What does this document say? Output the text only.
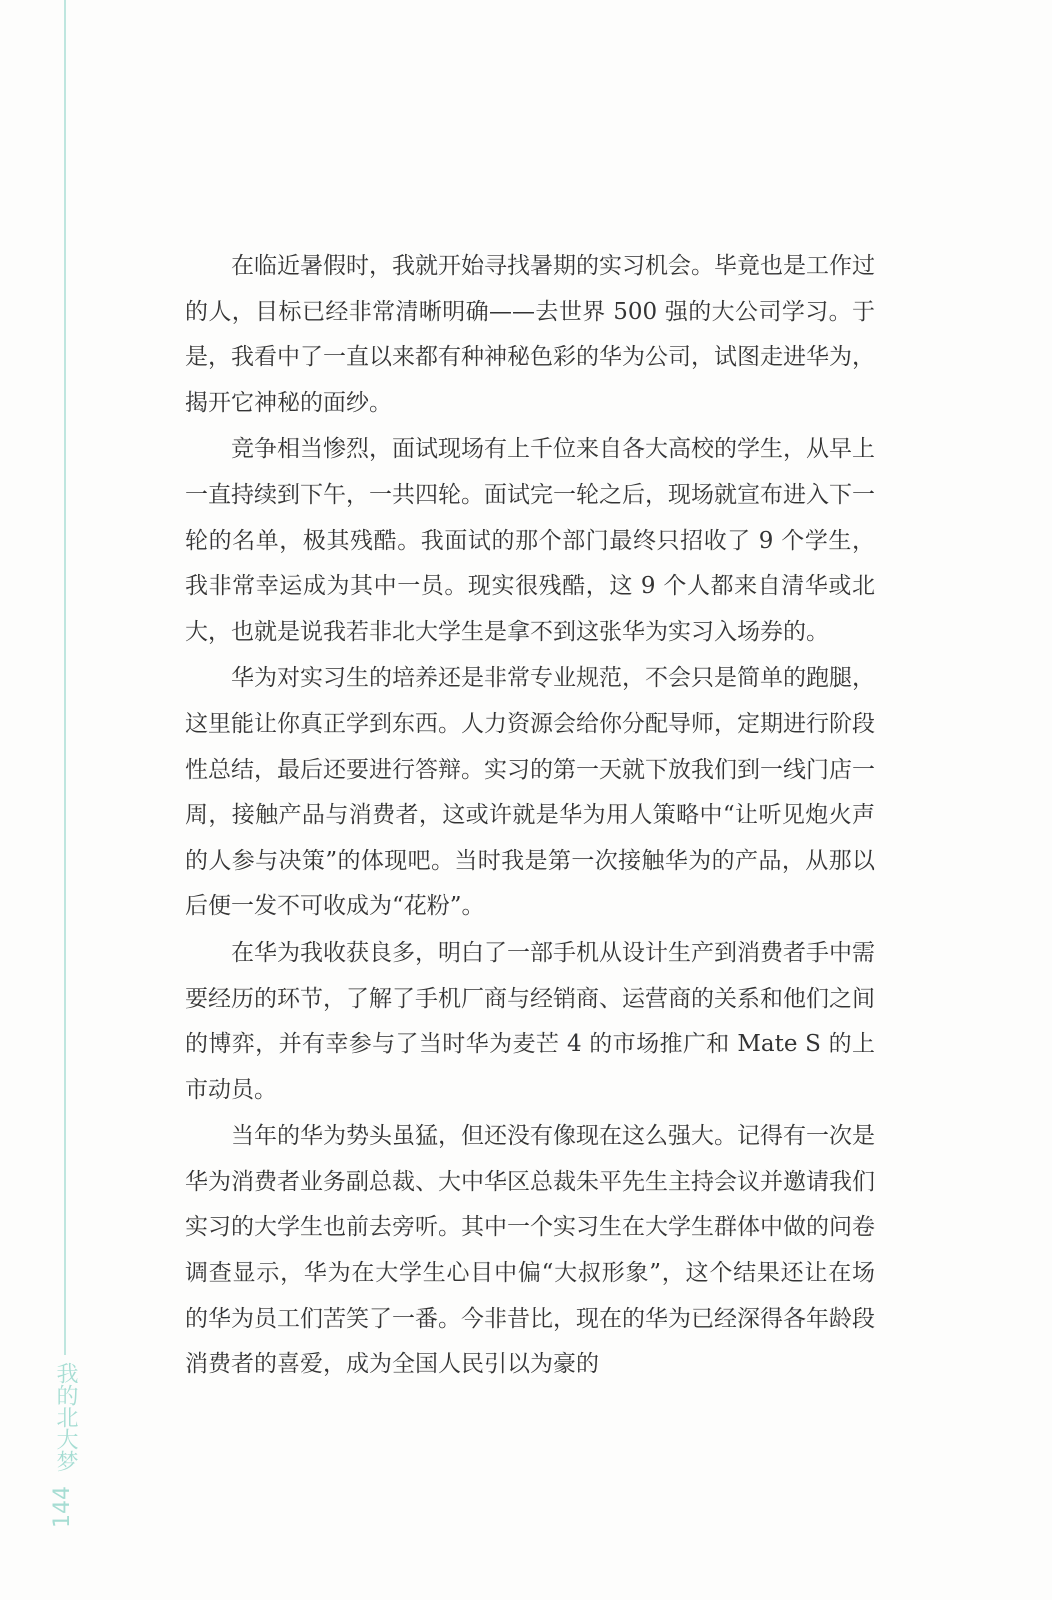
我的北大梦
144

在临近暑假时，我就开始寻找暑期的实习机会。毕竟也是工作过的人，目标已经非常清晰明确——去世界 500 强的大公司学习。于是，我看中了一直以来都有种神秘色彩的华为公司，试图走进华为，揭开它神秘的面纱。

竞争相当惨烈，面试现场有上千位来自各大高校的学生，从早上一直持续到下午，一共四轮。面试完一轮之后，现场就宣布进入下一轮的名单，极其残酷。我面试的那个部门最终只招收了 9 个学生，我非常幸运成为其中一员。现实很残酷，这 9 个人都来自清华或北大，也就是说我若非北大学生是拿不到这张华为实习入场券的。

华为对实习生的培养还是非常专业规范，不会只是简单的跑腿，这里能让你真正学到东西。人力资源会给你分配导师，定期进行阶段性总结，最后还要进行答辩。实习的第一天就下放我们到一线门店一周，接触产品与消费者，这或许就是华为用人策略中“让听见炮火声的人参与决策”的体现吧。当时我是第一次接触华为的产品，从那以后便一发不可收成为“花粉”。

在华为我收获良多，明白了一部手机从设计生产到消费者手中需要经历的环节，了解了手机厂商与经销商、运营商的关系和他们之间的博弈，并有幸参与了当时华为麦芒 4 的市场推广和 Mate S 的上市动员。

当年的华为势头虽猛，但还没有像现在这么强大。记得有一次是华为消费者业务副总裁、大中华区总裁朱平先生主持会议并邀请我们实习的大学生也前去旁听。其中一个实习生在大学生群体中做的问卷调查显示，华为在大学生心目中偏“大叔形象”，这个结果还让在场的华为员工们苦笑了一番。今非昔比，现在的华为已经深得各年龄段消费者的喜爱，成为全国人民引以为豪的
